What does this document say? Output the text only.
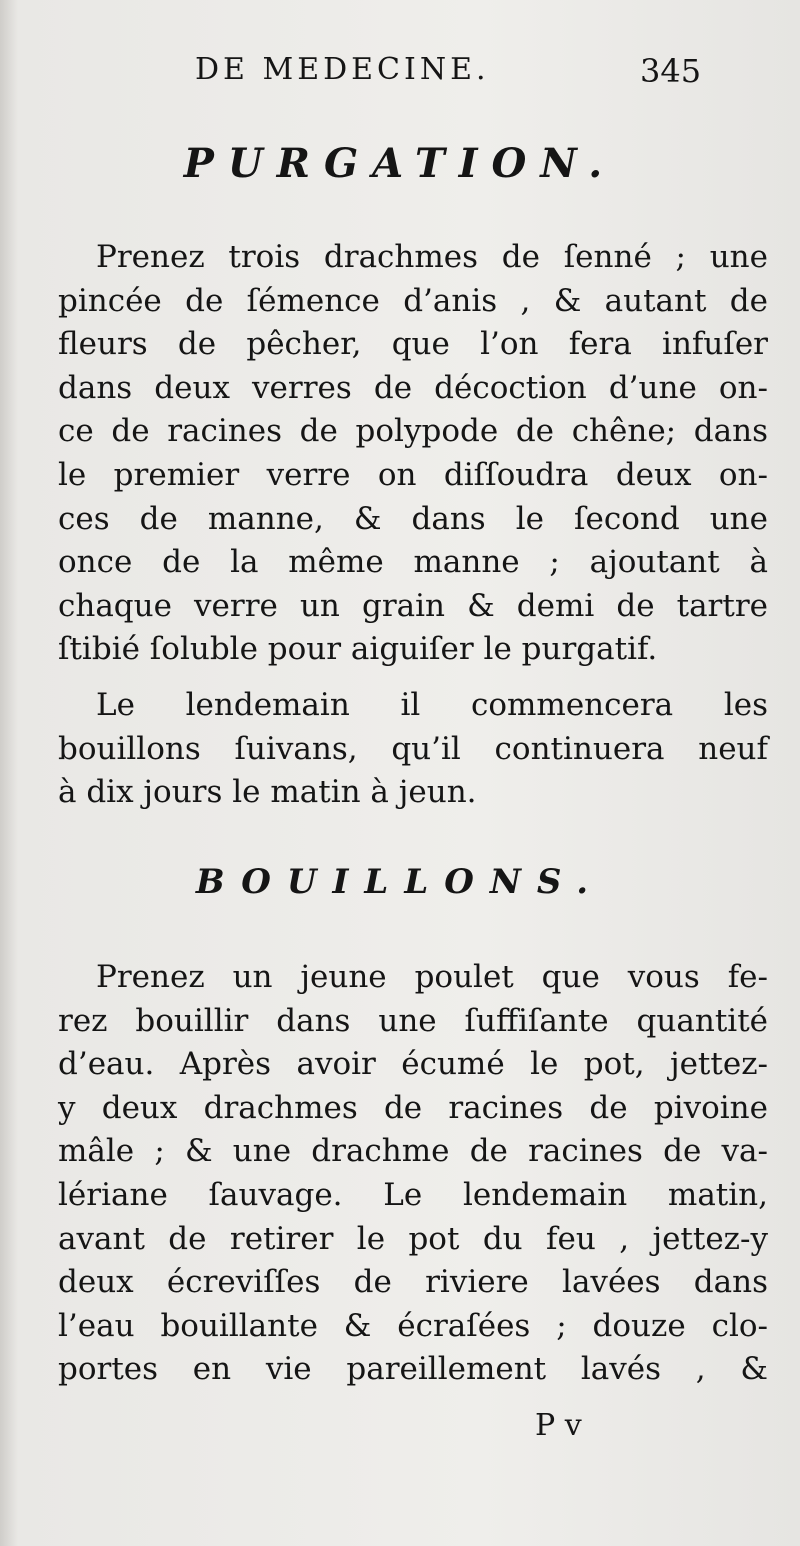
DE MEDECINE.	345
PURGATION.
Prenez trois drachmes de ſenné ; une
pincée de ſémence d’anis , & autant de
fleurs de pêcher, que l’on fera infuſer
dans deux verres de décoction d’une on-
ce de racines de polypode de chêne; dans
le premier verre on diſſoudra deux on-
ces de manne, & dans le ſecond une
once de la même manne ; ajoutant à
chaque verre un grain & demi de tartre
ſtibié ſoluble pour aiguiſer le purgatif.
Le lendemain il commencera les
bouillons ſuivans, qu’il continuera neuf
à dix jours le matin à jeun.
BOUILLONS.
Prenez un jeune poulet que vous fe-
rez bouillir dans une ſuffiſante quantité
d’eau. Après avoir écumé le pot, jettez-
y deux drachmes de racines de pivoine
mâle ; & une drachme de racines de va-
lériane ſauvage. Le lendemain matin,
avant de retirer le pot du feu , jettez-y
deux écreviſſes de riviere lavées dans
l’eau bouillante & écraſées ; douze clo-
portes en vie pareillement lavés , &
P v
